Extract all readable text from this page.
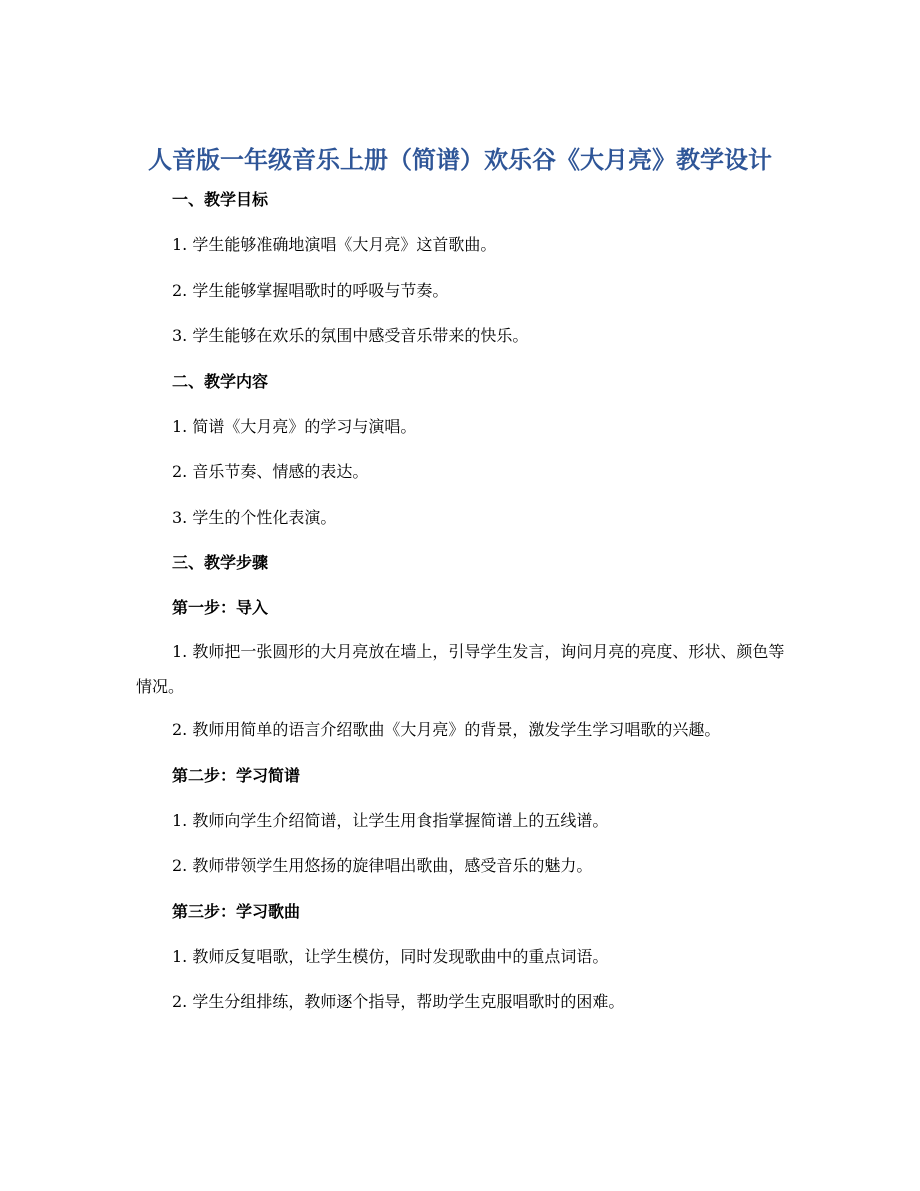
人音版一年级音乐上册（简谱）欢乐谷《大月亮》教学设计
一、教学目标
1. 学生能够准确地演唱《大月亮》这首歌曲。
2. 学生能够掌握唱歌时的呼吸与节奏。
3. 学生能够在欢乐的氛围中感受音乐带来的快乐。
二、教学内容
1. 简谱《大月亮》的学习与演唱。
2. 音乐节奏、情感的表达。
3. 学生的个性化表演。
三、教学步骤
第一步：导入
1. 教师把一张圆形的大月亮放在墙上，引导学生发言，询问月亮的亮度、形状、颜色等情况。
2. 教师用简单的语言介绍歌曲《大月亮》的背景，激发学生学习唱歌的兴趣。
第二步：学习简谱
1. 教师向学生介绍简谱，让学生用食指掌握简谱上的五线谱。
2. 教师带领学生用悠扬的旋律唱出歌曲，感受音乐的魅力。
第三步：学习歌曲
1. 教师反复唱歌，让学生模仿，同时发现歌曲中的重点词语。
2. 学生分组排练，教师逐个指导，帮助学生克服唱歌时的困难。
